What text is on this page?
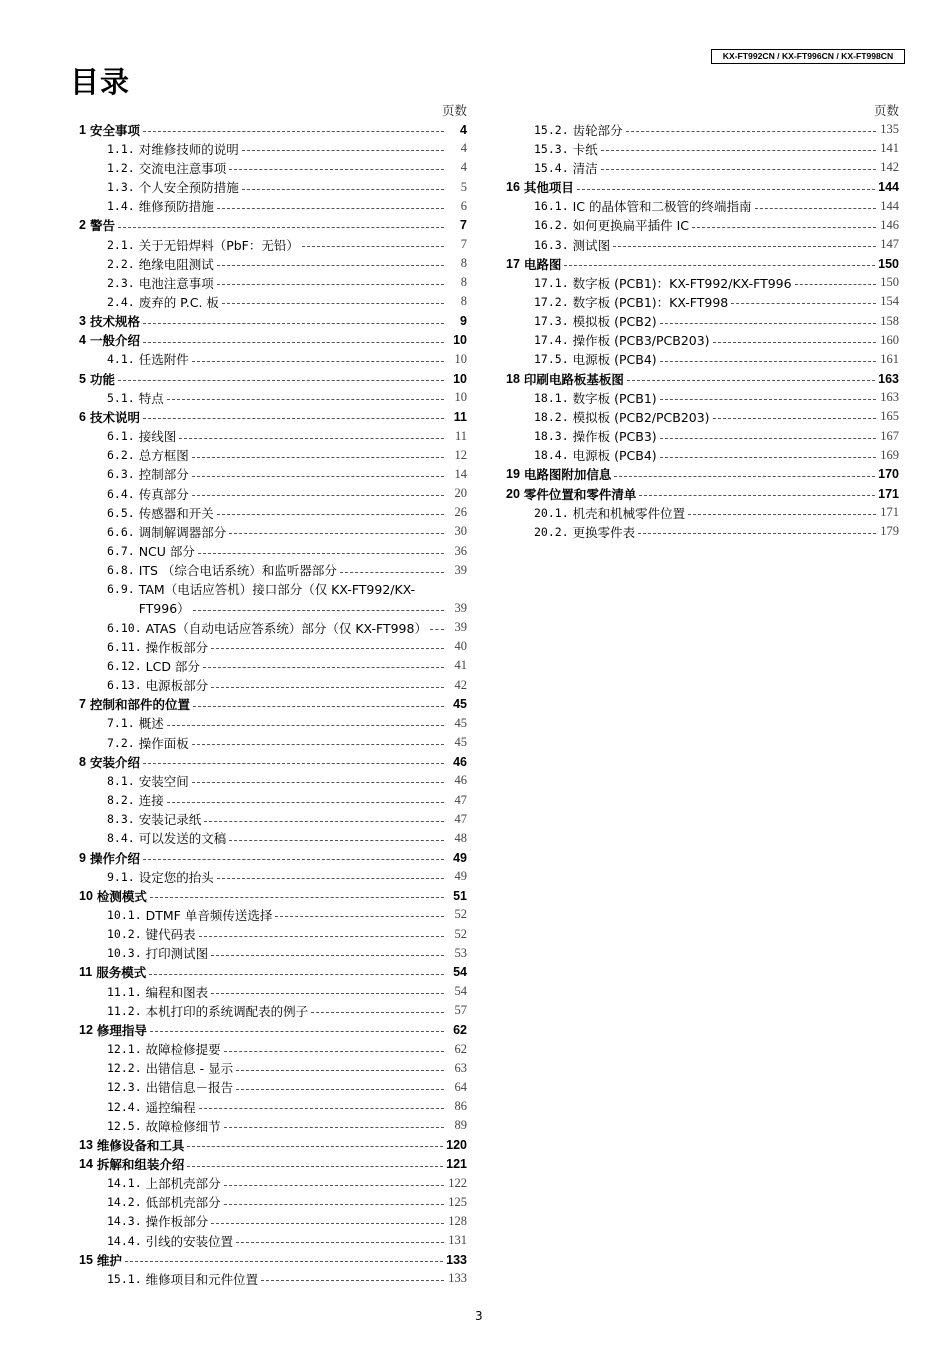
KX-FT992CN / KX-FT996CN / KX-FT998CN
目录
页数
1 安全事项	4
1.1. 对维修技师的说明	4
1.2. 交流电注意事项	4
1.3. 个人安全预防措施	5
1.4. 维修预防措施	6
2 警告	7
2.1. 关于无铅焊料（PbF：无铅）	7
2.2. 绝缘电阻测试	8
2.3. 电池注意事项	8
2.4. 废弃的 P.C. 板	8
3 技术规格	9
4 一般介绍	10
4.1. 任选附件	10
5 功能	10
5.1. 特点	10
6 技术说明	11
6.1. 接线图	11
6.2. 总方框图	12
6.3. 控制部分	14
6.4. 传真部分	20
6.5. 传感器和开关	26
6.6. 调制解调器部分	30
6.7. NCU 部分	36
6.8. ITS （综合电话系统）和监听器部分	39
6.9. TAM（电话应答机）接口部分（仅 KX-FT992/KX-
FT996）	39
6.10. ATAS（自动电话应答系统）部分（仅 KX-FT998）	39
6.11. 操作板部分	40
6.12. LCD 部分	41
6.13. 电源板部分	42
7 控制和部件的位置	45
7.1. 概述	45
7.2. 操作面板	45
8 安装介绍	46
8.1. 安装空间	46
8.2. 连接	47
8.3. 安装记录纸	47
8.4. 可以发送的文稿	48
9 操作介绍	49
9.1. 设定您的抬头	49
10 检测模式	51
10.1. DTMF 单音频传送选择	52
10.2. 键代码表	52
10.3. 打印测试图	53
11 服务模式	54
11.1. 编程和图表	54
11.2. 本机打印的系统调配表的例子	57
12 修理指导	62
12.1. 故障检修提要	62
12.2. 出错信息 - 显示	63
12.3. 出错信息－报告	64
12.4. 遥控编程	86
12.5. 故障检修细节	89
13 维修设备和工具	120
14 拆解和组装介绍	121
14.1. 上部机壳部分	122
14.2. 低部机壳部分	125
14.3. 操作板部分	128
14.4. 引线的安装位置	131
15 维护	133
15.1. 维修项目和元件位置	133
页数
15.2. 齿轮部分	135
15.3. 卡纸	141
15.4. 清洁	142
16 其他项目	144
16.1. IC 的晶体管和二极管的终端指南	144
16.2. 如何更换扁平插件 IC	146
16.3. 测试图	147
17 电路图	150
17.1. 数字板 (PCB1)：KX-FT992/KX-FT996	150
17.2. 数字板 (PCB1)：KX-FT998	154
17.3. 模拟板 (PCB2)	158
17.4. 操作板 (PCB3/PCB203)	160
17.5. 电源板 (PCB4)	161
18 印刷电路板基板图	163
18.1. 数字板 (PCB1)	163
18.2. 模拟板 (PCB2/PCB203)	165
18.3. 操作板 (PCB3)	167
18.4. 电源板 (PCB4)	169
19 电路图附加信息	170
20 零件位置和零件清单	171
20.1. 机壳和机械零件位置	171
20.2. 更换零件表	179
3
